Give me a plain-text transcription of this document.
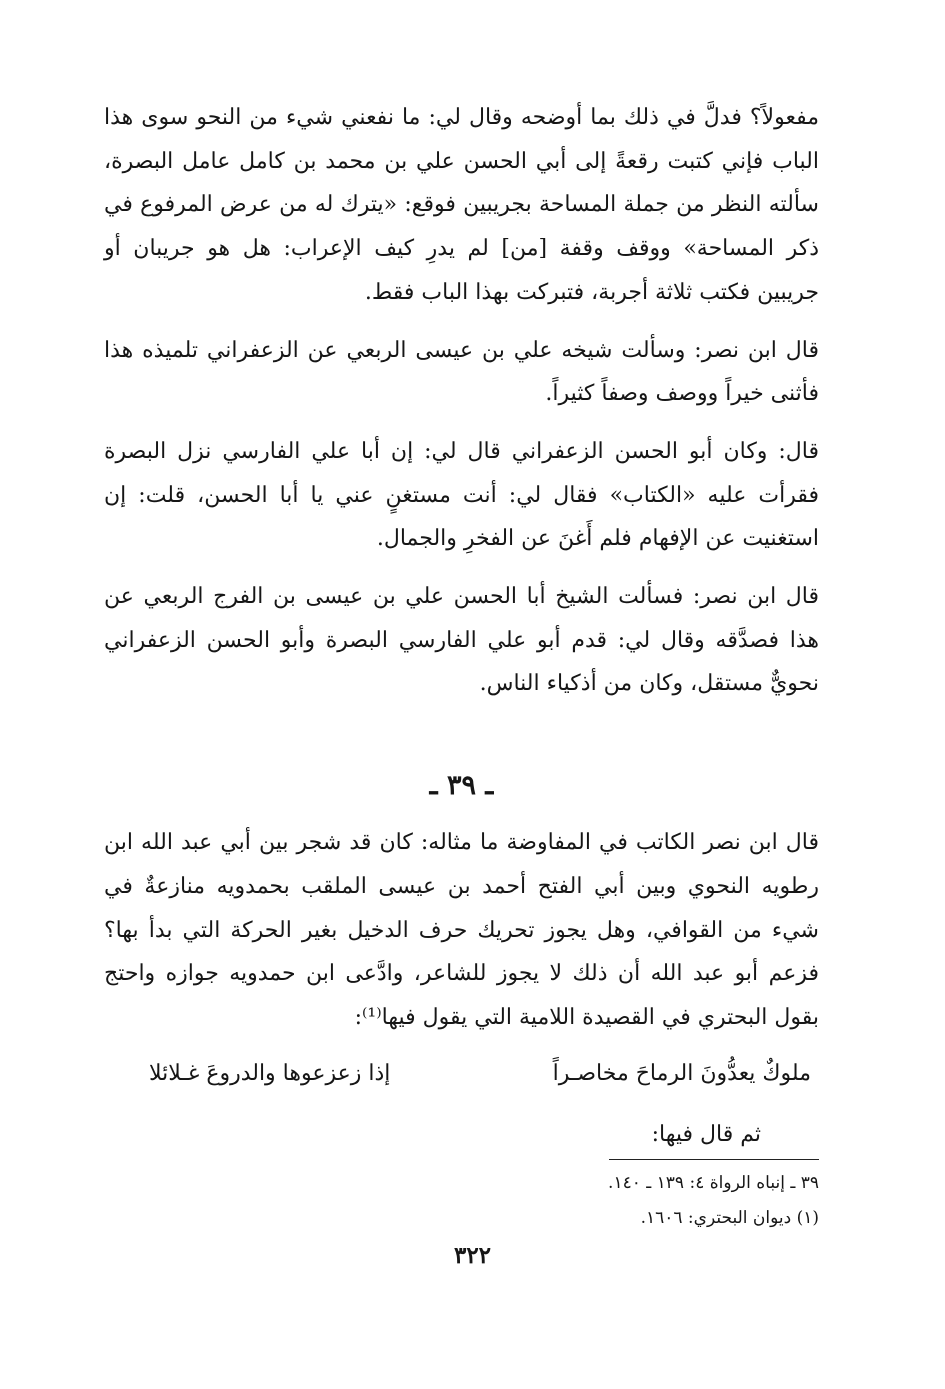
مفعولاً؟ فدلَّ في ذلك بما أوضحه وقال لي: ما نفعني شيء من النحو سوى هذا الباب فإني كتبت رقعةً إلى أبي الحسن علي بن محمد بن كامل عامل البصرة، سألته النظر من جملة المساحة بجريبين فوقع: «يترك له من عرض المرفوع في ذكر المساحة» ووقف وقفة [من] لم يدرِ كيف الإعراب: هل هو جريبان أو جريبين فكتب ثلاثة أجربة، فتبركت بهذا الباب فقط.

قال ابن نصر: وسألت شيخه علي بن عيسى الربعي عن الزعفراني تلميذه هذا فأثنى خيراً ووصف وصفاً كثيراً.

قال: وكان أبو الحسن الزعفراني قال لي: إن أبا علي الفارسي نزل البصرة فقرأت عليه «الكتاب» فقال لي: أنت مستغنٍ عني يا أبا الحسن، قلت: إن استغنيت عن الإفهام فلم أَغنَ عن الفخرِ والجمال.

قال ابن نصر: فسألت الشيخ أبا الحسن علي بن عيسى بن الفرج الربعي عن هذا فصدَّقه وقال لي: قدم أبو علي الفارسي البصرة وأبو الحسن الزعفراني نحويٌّ مستقل، وكان من أذكياء الناس.

ـ ٣٩ ـ

قال ابن نصر الكاتب في المفاوضة ما مثاله: كان قد شجر بين أبي عبد الله ابن رطويه النحوي وبين أبي الفتح أحمد بن عيسى الملقب بحمدويه منازعةٌ في شيء من القوافي، وهل يجوز تحريك حرف الدخيل بغير الحركة التي بدأ بها؟ فزعم أبو عبد الله أن ذلك لا يجوز للشاعر، وادَّعى ابن حمدويه جوازه واحتج بقول البحتري في القصيدة اللامية التي يقول فيها⁽¹⁾:

ملوكٌ يعدُّونَ الرماحَ مخاصـراً
إذا زعزعوها والدروعَ غـلائلا
ثم قال فيها:
٣٩ ـ إنباه الرواة ٤: ١٣٩ ـ ١٤٠.
(١) ديوان البحتري: ١٦٠٦.
٣٢٢
